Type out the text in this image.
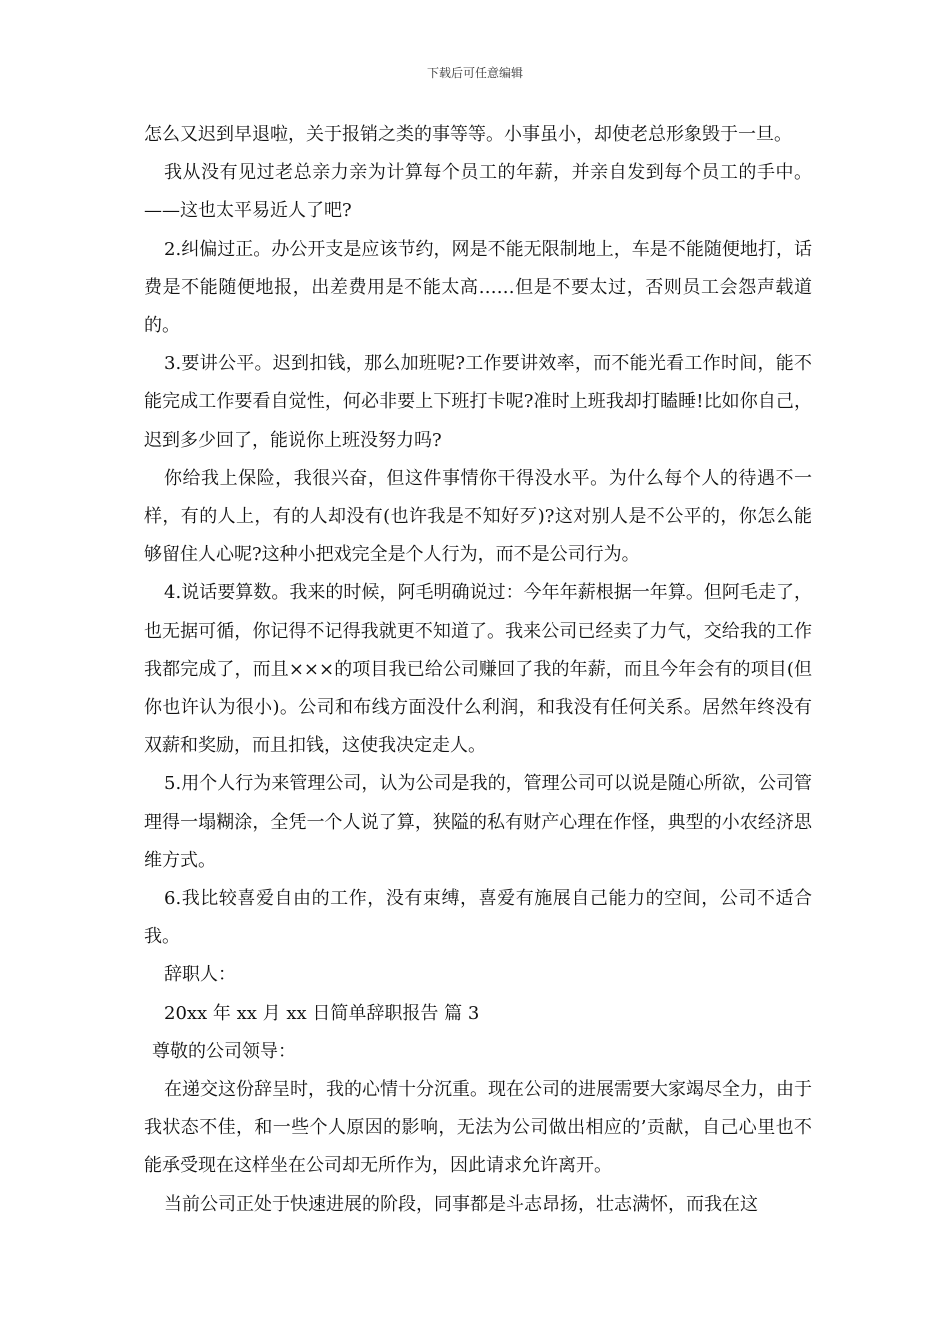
下载后可任意编辑

怎么又迟到早退啦，关于报销之类的事等等。小事虽小，却使老总形象毁于一旦。

我从没有见过老总亲力亲为计算每个员工的年薪，并亲自发到每个员工的手中。——这也太平易近人了吧?

2.纠偏过正。办公开支是应该节约，网是不能无限制地上，车是不能随便地打，话费是不能随便地报，出差费用是不能太高……但是不要太过，否则员工会怨声载道的。

3.要讲公平。迟到扣钱，那么加班呢?工作要讲效率，而不能光看工作时间，能不能完成工作要看自觉性，何必非要上下班打卡呢?准时上班我却打瞌睡!比如你自己，迟到多少回了，能说你上班没努力吗?

你给我上保险，我很兴奋，但这件事情你干得没水平。为什么每个人的待遇不一样，有的人上，有的人却没有(也许我是不知好歹)?这对别人是不公平的，你怎么能够留住人心呢?这种小把戏完全是个人行为，而不是公司行为。

4.说话要算数。我来的时候，阿毛明确说过：今年年薪根据一年算。但阿毛走了，也无据可循，你记得不记得我就更不知道了。我来公司已经卖了力气，交给我的工作我都完成了，而且×××的项目我已给公司赚回了我的年薪，而且今年会有的项目(但你也许认为很小)。公司和布线方面没什么利润，和我没有任何关系。居然年终没有双薪和奖励，而且扣钱，这使我决定走人。

5.用个人行为来管理公司，认为公司是我的，管理公司可以说是随心所欲，公司管理得一塌糊涂，全凭一个人说了算，狭隘的私有财产心理在作怪，典型的小农经济思维方式。

6.我比较喜爱自由的工作，没有束缚，喜爱有施展自己能力的空间，公司不适合我。

辞职人：

20xx 年 xx 月 xx 日简单辞职报告 篇 3

尊敬的公司领导：

在递交这份辞呈时，我的心情十分沉重。现在公司的进展需要大家竭尽全力，由于我状态不佳，和一些个人原因的影响，无法为公司做出相应的’贡献，自己心里也不能承受现在这样坐在公司却无所作为，因此请求允许离开。

当前公司正处于快速进展的阶段，同事都是斗志昂扬，壮志满怀，而我在这
